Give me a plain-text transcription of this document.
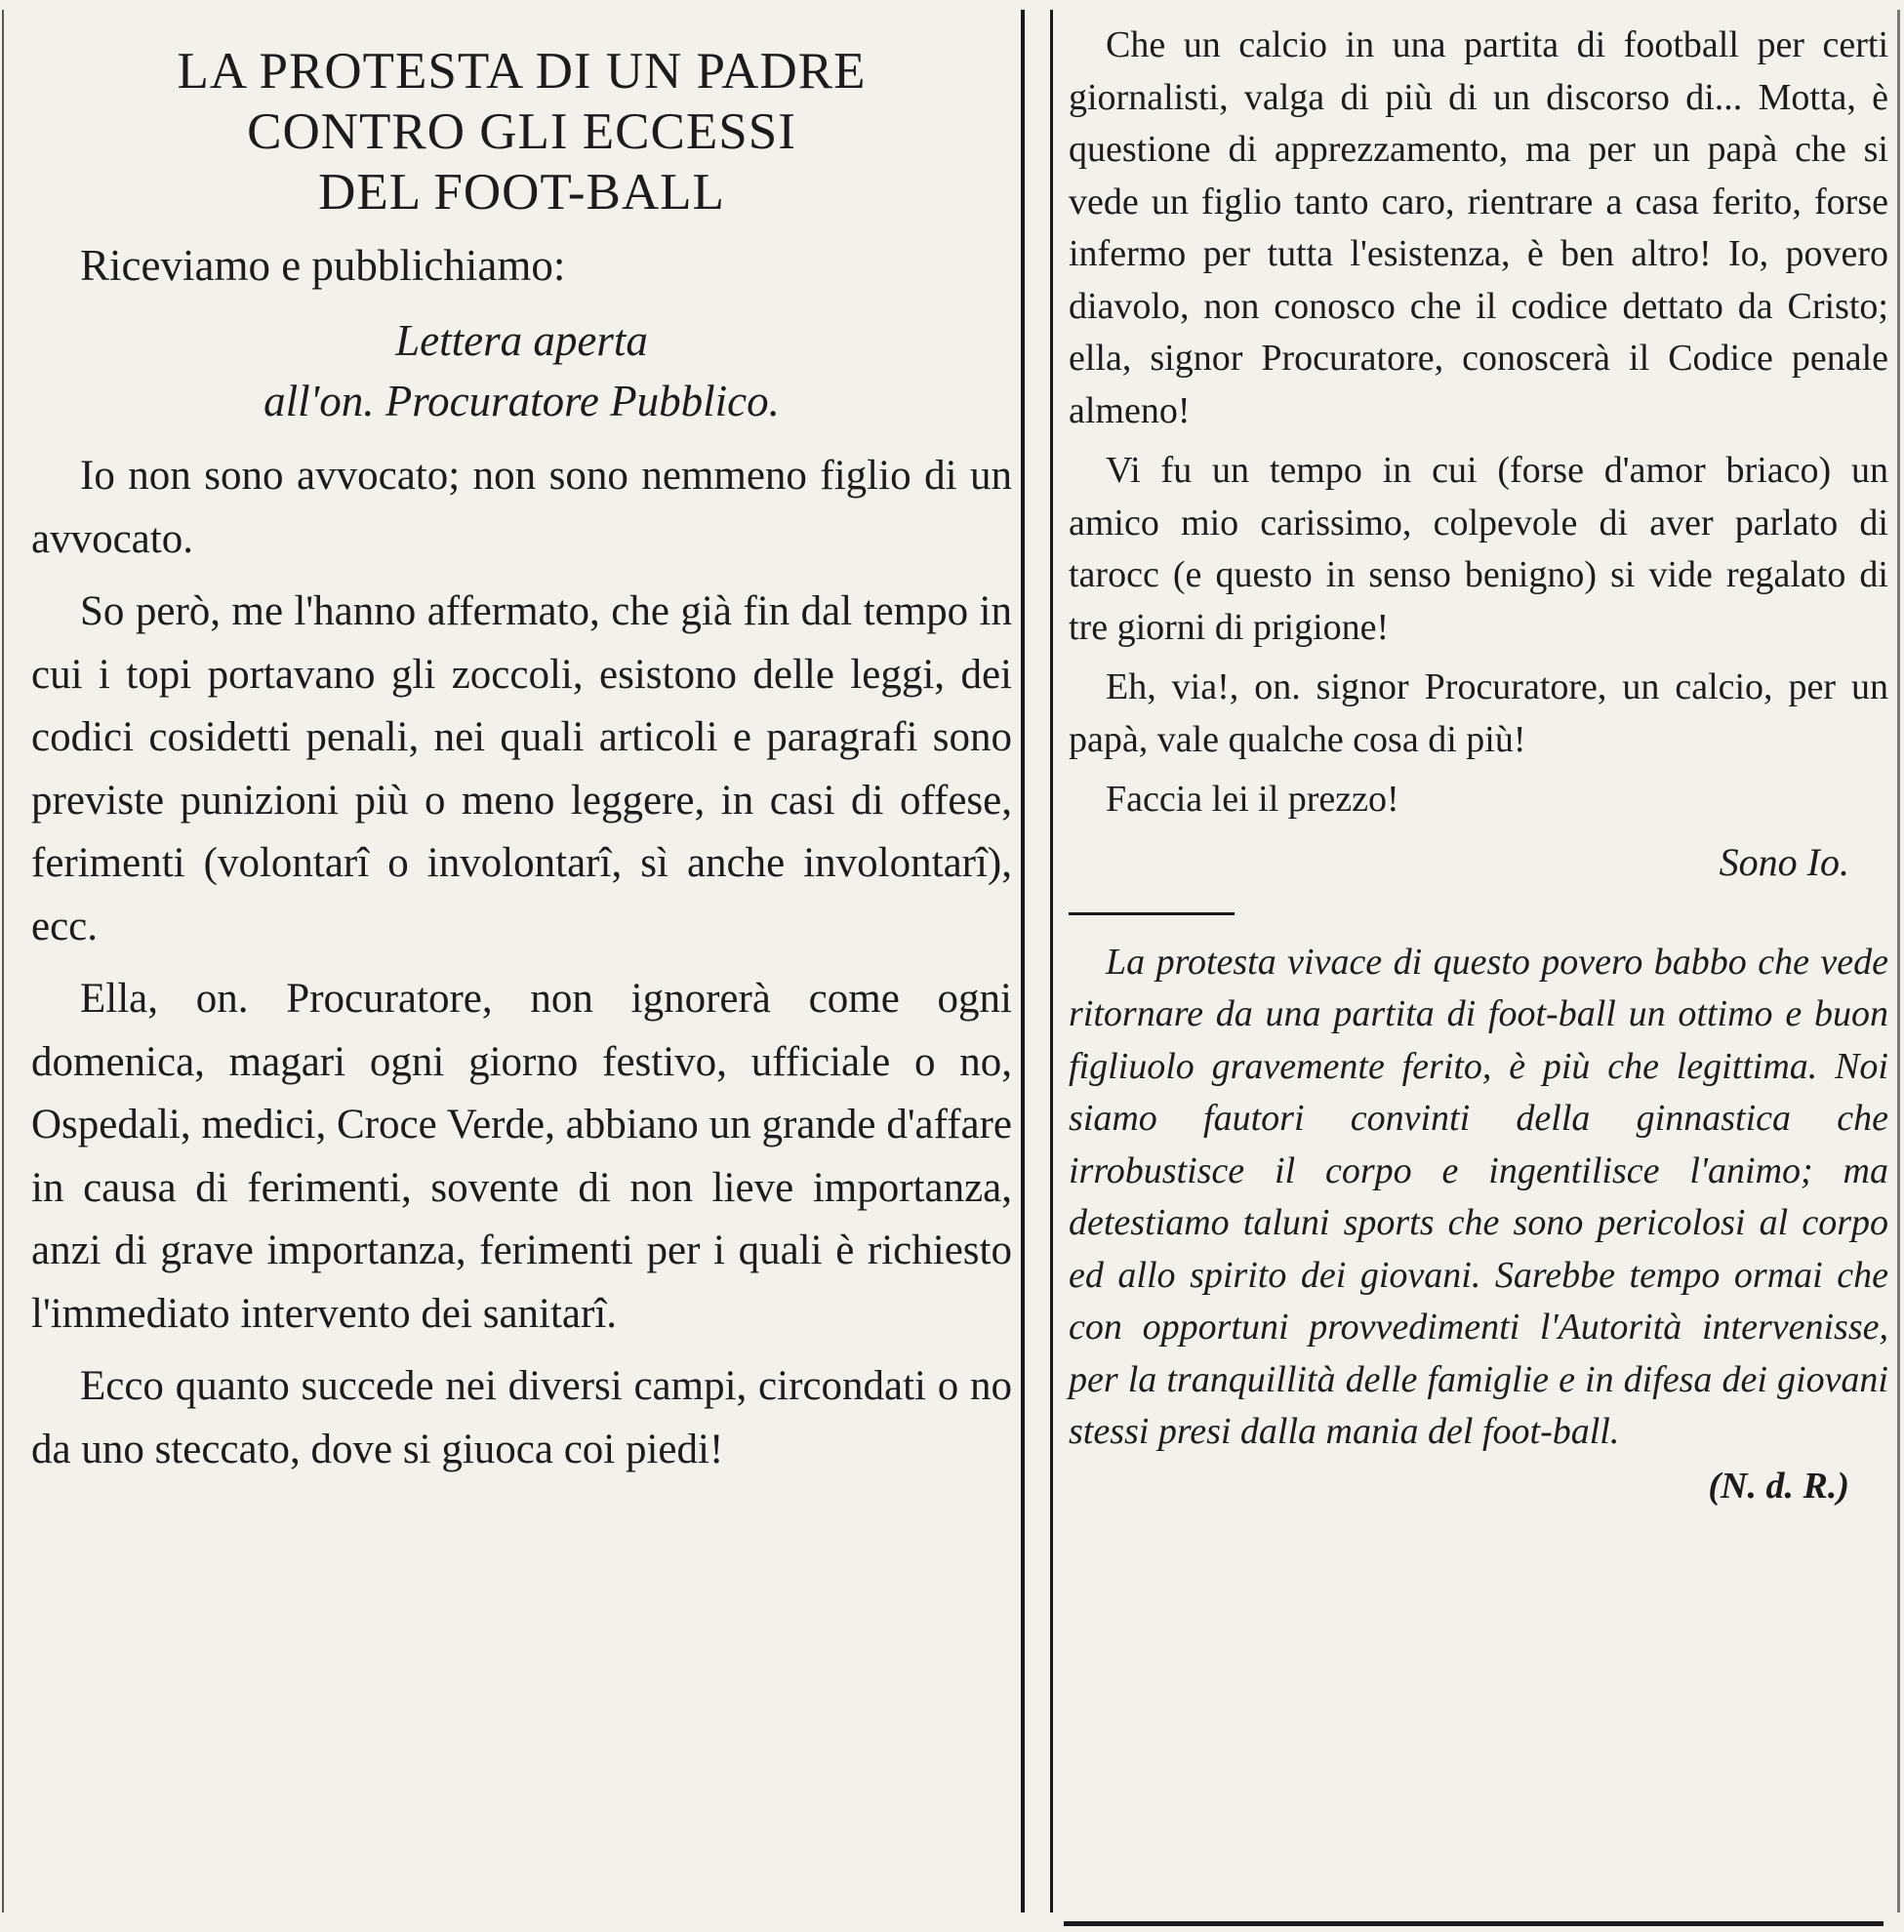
LA PROTESTA DI UN PADRE
CONTRO GLI ECCESSI
DEL FOOT-BALL
Riceviamo e pubblichiamo:
Lettera aperta
all'on. Procuratore Pubblico.

Io non sono avvocato; non sono nemmeno figlio di un avvocato.

So però, me l'hanno affermato, che già fin dal tempo in cui i topi portavano gli zoccoli, esistono delle leggi, dei codici cosidetti penali, nei quali articoli e paragrafi sono previste punizioni più o meno leggere, in casi di offese, ferimenti (volontarî o involontarî, sì anche involontarî), ecc.

Ella, on. Procuratore, non ignorerà come ogni domenica, magari ogni giorno festivo, ufficiale o no, Ospedali, medici, Croce Verde, abbiano un grande d'affare in causa di ferimenti, sovente di non lieve importanza, anzi di grave importanza, ferimenti per i quali è richiesto l'immediato intervento dei sanitarî.

Ecco quanto succede nei diversi campi, circondati o no da uno steccato, dove si giuoca coi piedi!

Che un calcio in una partita di football per certi giornalisti, valga di più di un discorso di... Motta, è questione di apprezzamento, ma per un papà che si vede un figlio tanto caro, rientrare a casa ferito, forse infermo per tutta l'esistenza, è ben altro! Io, povero diavolo, non conosco che il codice dettato da Cristo; ella, signor Procuratore, conoscerà il Codice penale almeno!

Vi fu un tempo in cui (forse d'amor briaco) un amico mio carissimo, colpevole di aver parlato di tarocc (e questo in senso benigno) si vide regalato di tre giorni di prigione!

Eh, via!, on. signor Procuratore, un calcio, per un papà, vale qualche cosa di più!

Faccia lei il prezzo!

Sono Io.

La protesta vivace di questo povero babbo che vede ritornare da una partita di foot-ball un ottimo e buon figliuolo gravemente ferito, è più che legittima. Noi siamo fautori convinti della ginnastica che irrobustisce il corpo e ingentilisce l'animo; ma detestiamo taluni sports che sono pericolosi al corpo ed allo spirito dei giovani. Sarebbe tempo ormai che con opportuni provvedimenti l'Autorità intervenisse, per la tranquillità delle famiglie e in difesa dei giovani stessi presi dalla mania del foot-ball.

(N. d. R.)
